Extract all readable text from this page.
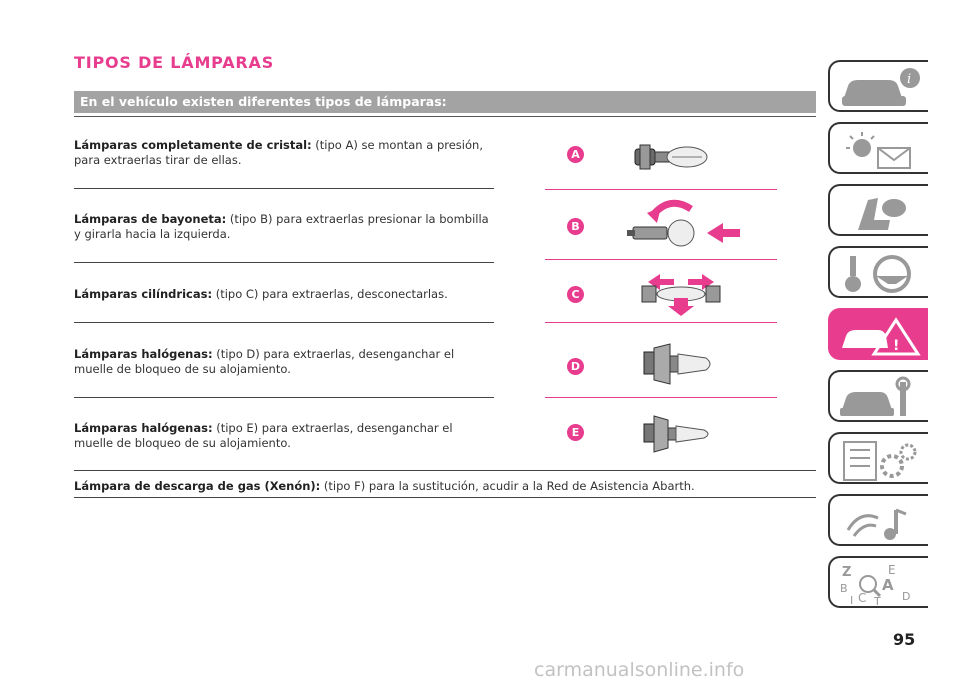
TIPOS DE LÁMPARAS
En el vehículo existen diferentes tipos de lámparas:
Lámparas completamente de cristal: (tipo A) se montan a presión, para extraerlas tirar de ellas.
Lámparas de bayoneta: (tipo B) para extraerlas presionar la bombilla y girarla hacia la izquierda.
Lámparas cilíndricas: (tipo C) para extraerlas, desconectarlas.
Lámparas halógenas: (tipo D) para extraerlas, desenganchar el muelle de bloqueo de su alojamiento.
Lámparas halógenas: (tipo E) para extraerlas, desenganchar el muelle de bloqueo de su alojamiento.
Lámpara de descarga de gas (Xenón): (tipo F) para la sustitución, acudir a la Red de Asistencia Abarth.
A
B
C
D
E
i
!
Z	E
A
B
C	D
I T
95
carmanualsonline.info
